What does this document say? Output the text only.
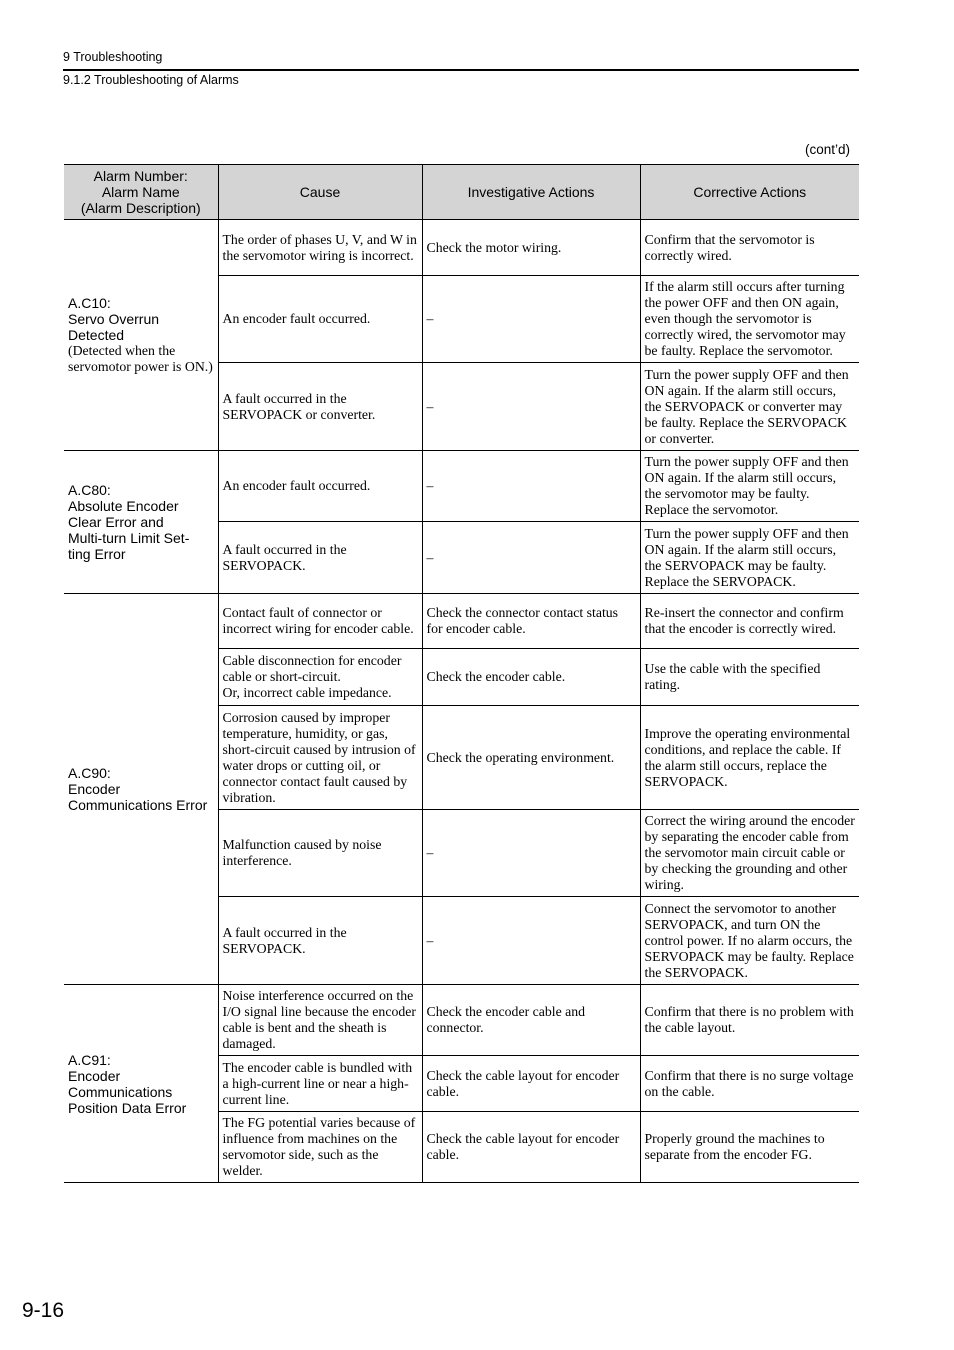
9 Troubleshooting
9.1.2 Troubleshooting of Alarms
(cont’d)
Alarm Number:
Alarm Name
(Alarm Description)	Cause	Investigative Actions	Corrective Actions

A.C10:
Servo Overrun
Detected
(Detected when the servomotor power is ON.)	The order of phases U, V, and W in the servomotor wiring is incorrect.	Check the motor wiring.	Confirm that the servomotor is correctly wired.
	An encoder fault occurred.	–	If the alarm still occurs after turning the power OFF and then ON again, even though the servomotor is correctly wired, the servomotor may be faulty. Replace the servomotor.
	A fault occurred in the SERVOPACK or converter.	–	Turn the power supply OFF and then ON again. If the alarm still occurs, the SERVOPACK or converter may be faulty. Replace the SERVOPACK or converter.

A.C80:
Absolute Encoder
Clear Error and
Multi-turn Limit Set-
ting Error	An encoder fault occurred.	–	Turn the power supply OFF and then ON again. If the alarm still occurs, the servomotor may be faulty. Replace the servomotor.
	A fault occurred in the SERVOPACK.	–	Turn the power supply OFF and then ON again. If the alarm still occurs, the SERVOPACK may be faulty. Replace the SERVOPACK.

A.C90:
Encoder
Communications Error	Contact fault of connector or incorrect wiring for encoder cable.	Check the connector contact status for encoder cable.	Re-insert the connector and confirm that the encoder is correctly wired.

	Cable disconnection for encoder cable or short-circuit.
Or, incorrect cable impedance.	Check the encoder cable.	Use the cable with the specified rating.
	Corrosion caused by improper temperature, humidity, or gas, short-circuit caused by intrusion of water drops or cutting oil, or connector contact fault caused by vibration.	Check the operating environment.	Improve the operating environmental conditions, and replace the cable. If the alarm still occurs, replace the SERVOPACK.
	Malfunction caused by noise interference.	–	Correct the wiring around the encoder by separating the encoder cable from the servomotor main circuit cable or by checking the grounding and other wiring.
	A fault occurred in the SERVOPACK.	–	Connect the servomotor to another SERVOPACK, and turn ON the control power. If no alarm occurs, the SERVOPACK may be faulty. Replace the SERVOPACK.

A.C91:
Encoder
Communications
Position Data Error	Noise interference occurred on the I/O signal line because the encoder cable is bent and the sheath is damaged.	Check the encoder cable and connector.	Confirm that there is no problem with the cable layout.
	The encoder cable is bundled with a high-current line or near a high-current line.	Check the cable layout for encoder cable.	Confirm that there is no surge voltage on the cable.
	The FG potential varies because of influence from machines on the servomotor side, such as the welder.	Check the cable layout for encoder cable.	Properly ground the machines to separate from the encoder FG.
9-16
